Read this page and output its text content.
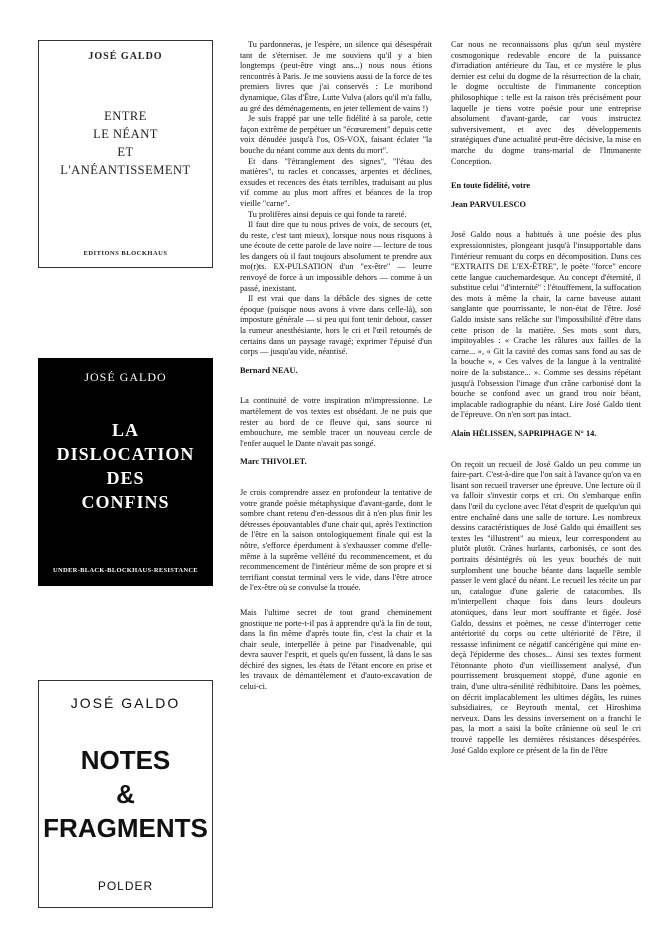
JOSÉ GALDO
ENTRE
LE NÉANT
ET
L'ANÉANTISSEMENT
EDITIONS BLOCKHAUS
JOSÉ GALDO
LA
DISLOCATION
DES
CONFINS
UNDER-BLACK-BLOCKHAUS-RESISTANCE
JOSÉ GALDO
NOTES
&
FRAGMENTS
POLDER

Tu pardonneras, je l'espère, un silence qui désespérait tant de s'éterniser. Je me souviens qu'il y a bien longtemps (peut-être vingt ans...) nous nous étions rencontrés à Paris. Je me souviens aussi de la force de tes premiers livres que j'ai conservés : Le moribond dynamique, Glas d'Être, Lutte Vulva (alors qu'il m'a fallu, au gré des déménagements, en jeter tellement de vains !)

Je suis frappé par une telle fidélité à sa parole, cette façon extrême de perpétuer un "écœurement" depuis cette voix dénudée jusqu'à l'os, OS-VOX, faisant éclater "la bouche du néant comme aux dents du mort".

Et dans "l'étranglement des signes", "l'étau des matières", tu racles et concasses, arpentes et déclines, exsudes et recences des états terribles, traduisant au plus vif comme au plus mort affres et béances de la trop vieille "carne".

Tu prolifères ainsi depuis ce qui fonde ta rareté.

Il faut dire que tu nous prives de voix, de secours (et, du reste, c'est tant mieux), lorsque nous nous risquons à une écoute de cette parole de lave noire — lecture de tous les dangers où il faut toujours absolument te prendre aux mo(r)ts. EX-PULSATION d'un "ex-être" — leurre renvoyé de force à un impossible dehors — comme à un passé, inexistant.

Il est vrai que dans la débâcle des signes de cette époque (puisque nous avons à vivre dans celle-là), son imposture générale — si peu qui font tenir debout, casser la rumeur anesthésiante, hors le cri et l'œil retournés de certains dans un paysage ravagé; exprimer l'épuisé d'un corps — jusqu'au vide, néantisé.

Bernard NEAU.

La continuité de votre inspiration m'impressionne. Le martèlement de vos textes est obsédant. Je ne puis que rester au bord de ce fleuve qui, sans source ni embouchure, me semble tracer un nouveau cercle de l'enfer auquel le Dante n'avait pas songé.

Marc THIVOLET.

Je crois comprendre assez en profondeur la tentative de votre grande poésie métaphysique d'avant-garde, dont le sombre chant retenu d'en-dessous dit à n'en plus finir les détresses épouvantables d'une chair qui, après l'extinction de l'être en la saison ontologiquement finale qui est la nôtre, s'efforce éperdument à s'exhausser comme d'elle-même à la suprême velléité du recommencement, et du recommencement de l'intérieur même de son propre et si terrifiant constat terminal vers le vide, dans l'être atroce de l'ex-être où se convulse la trouée.

Mais l'ultime secret de tout grand cheminement gnostique ne porte-t-il pas à apprendre qu'à la fin de tout, dans la fin même d'après toute fin, c'est la chair et la chair seule, interpellée à peine par l'inadvenable, qui devra sauver l'esprit, et quels qu'en fussent, là dans le sas déchiré des signes, les états de l'étant encore en prise et les travaux de démantèlement et d'auto-excavation de celui-ci.

Car nous ne reconnaissons plus qu'un seul mystère cosmogonique redevable encore de la puissance d'irradiation antérieure du Tau, et ce mystère le plus dernier est celui du dogme de la résurrection de la chair, le dogme occultiste de l'immanente conception philosophique : telle est la raison très précisément pour laquelle je tiens votre poésie pour une entreprise absolument d'avant-garde, car vous instructez subversivement, et avec des développements stratégiques d'une actualité peut-être décisive, la mise en marche du dogme trans-marial de l'Immanente Conception.

En toute fidélité, votre

Jean PARVULESCO

José Galdo nous a habitués à une poésie des plus expressionnistes, plongeant jusqu'à l'insupportable dans l'intérieur remuant du corps en décomposition. Dans ces "EXTRAITS DE L'EX-ÊTRE", le poète "force" encore cette langue cauchemardesque. Au concept d'éternité, il substitue celui "d'internité" : l'étouffement, la suffocation des mots à même la chair, la carne baveuse autant sanglante que pourrissante, le non-état de l'être. José Galdo insiste sans relâche sur l'impossibilité d'être dans cette prison de la matière. Ses mots sont durs, impitoyables : « Crache les râlures aux failles de la carne... », « Git la cavité des comas sans fond au sas de la bouche », « Ces valves de la langue à la ventralité noire de la substance... ». Comme ses dessins répétant jusqu'à l'obsession l'image d'un crâne carbonisé dont la bouche se confond avec un grand trou noir béant, implacable radiographie du néant. Lire José Galdo tient de l'épreuve. On n'en sort pas intact.

Alain HÉLISSEN, SAPRIPHAGE N° 14.

On reçoit un recueil de José Galdo un peu comme un faire-part. C'est-à-dire que l'on sait à l'avance qu'on va en lisant son recueil traverser une épreuve. Une lecture où il va falloir s'investir corps et cri. On s'embarque enfin dans l'œil du cyclone avec l'état d'esprit de quelqu'un qui entre enchaîné dans une salle de torture. Les nombreux dessins caractéristiques de José Galdo qui émaillent ses textes les "illustrent" au mieux, leur correspondent au plutôt plutôt. Crânes hurlants, carbonisés, ce sont des portraits désintégrés où les yeux bouchés de nuit surplombent une bouche béante dans laquelle semble passer le vent glacé du néant. Le recueil les récite un par un, catalogue d'une galerie de catacombes. Ils m'interpellent chaque fois dans leurs douleurs atomiques, dans leur mort souffrante et figée. José Galdo, dessins et poèmes, ne cesse d'interroger cette antériorité du corps ou cette ultériorité de l'être, il ressasse infiniment ce négatif cancérigène qui mine en-deçà l'épiderme des choses... Ainsi ses textes forment l'étonnante photo d'un vieillissement analysé, d'un pourrissement brusquement stoppé, d'une agonie en train, d'une ultra-sénilité rédhibitoire. Dans les poèmes, on décrit implacablement les ultimes dégâts, les ruines subsidiaires, ce Beyrouth mental, cet Hiroshima nerveux. Dans les dessins inversement on a franchi le pas, la mort a saisi la boîte crânienne où seul le cri trouvé rappelle les dernières résistances désespérées. José Galdo explore ce présent de la fin de l'être
